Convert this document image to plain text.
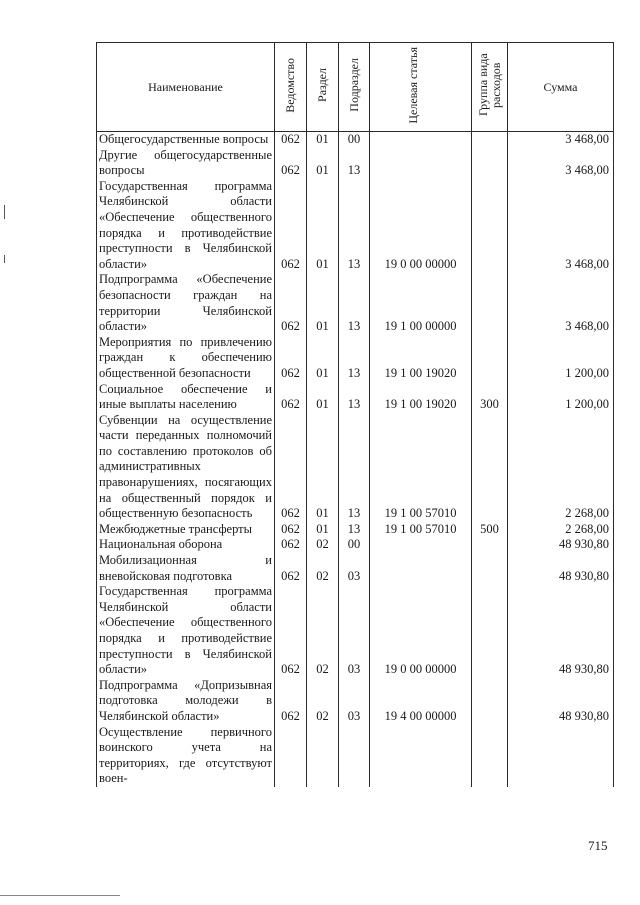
Наименование	Ведомство	Раздел	Подраздел	Целевая статья	Группа вида расходов	Сумма
Общегосударственные вопросы	062	01	00			3 468,00
Другие общегосударственные вопросы	062	01	13			3 468,00
Государственная программа Челябинской области «Обеспечение общественного порядка и противодействие преступности в Челябинской области»	062	01	13	19 0 00 00000		3 468,00
Подпрограмма «Обеспечение безопасности граждан на территории Челябинской области»	062	01	13	19 1 00 00000		3 468,00
Мероприятия по привлечению граждан к обеспечению общественной безопасности	062	01	13	19 1 00 19020		1 200,00
Социальное обеспечение и иные выплаты населению	062	01	13	19 1 00 19020	300	1 200,00
Субвенции на осуществление части переданных полномочий по составлению протоколов об административных правонарушениях, посягающих на общественный порядок и общественную безопасность	062	01	13	19 1 00 57010		2 268,00
Межбюджетные трансферты	062	01	13	19 1 00 57010	500	2 268,00
Национальная оборона	062	02	00			48 930,80
Мобилизационная и вневойсковая подготовка	062	02	03			48 930,80
Государственная программа Челябинской области «Обеспечение общественного порядка и противодействие преступности в Челябинской области»	062	02	03	19 0 00 00000		48 930,80
Подпрограмма «Допризывная подготовка молодежи в Челябинской области»	062	02	03	19 4 00 00000		48 930,80
Осуществление первичного воинского учета на территориях, где отсутствуют воен-						
715
